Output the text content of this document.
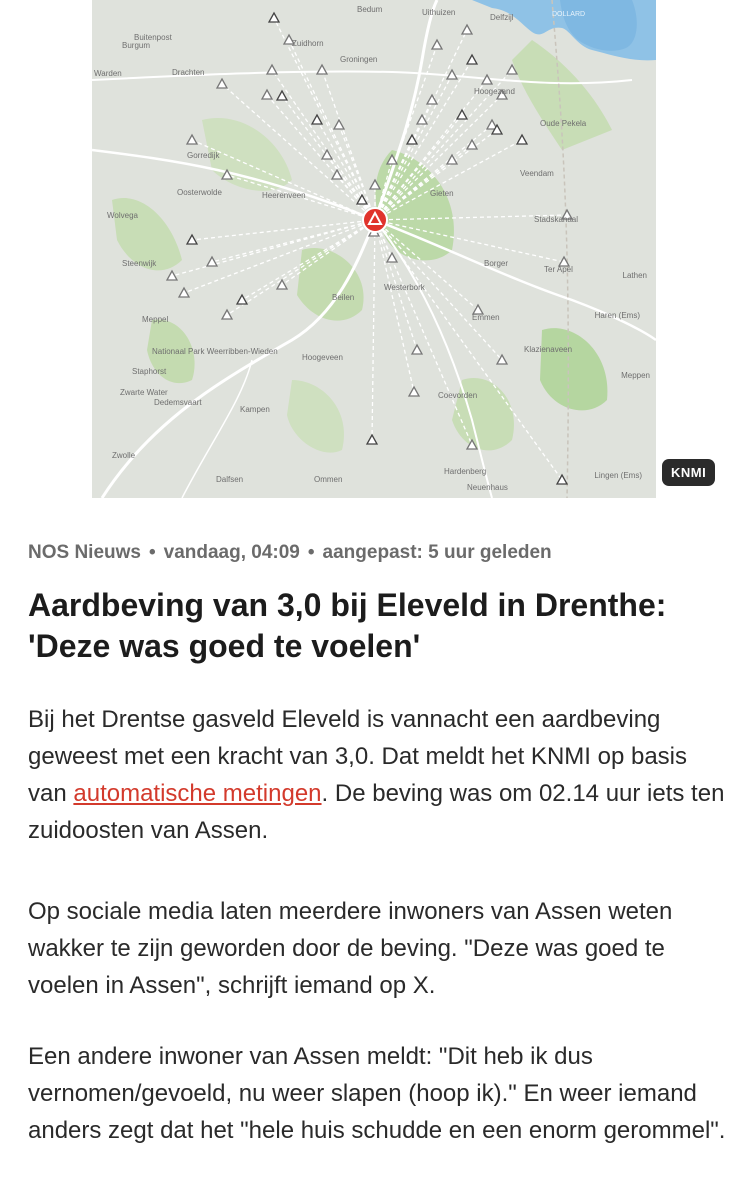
Bedum	Uithuizen
Delfzijl	DOLLARD
Buitenpost
Zuidhorn
Groningen
Burgum
Drachten
Gorredijk
Oosterwolde	Heerenveen
Wolvega
Steenwijk
Meppel
Staphorst
Dedemsvaart
Kampen
Zwolle
Dalfsen	Ommen
Hardenberg
Coevorden
Hoogeveen
Beilen
Westerbork
Borger
Gieten
Emmen
Klazienaveen
Ter Apel
Stadskanaal
Oude Pekela
Hoogezand
Veendam
Neuenhaus
Lingen (Ems)
Meppen
Lathen
Haren (Ems)
Warden
Nationaal Park Weerribben-Wieden
Zwarte Water
KNMI
NOS Nieuws • vandaag, 04:09 • aangepast: 5 uur geleden
Aardbeving van 3,0 bij Eleveld in Drenthe:
'Deze was goed te voelen'

Bij het Drentse gasveld Eleveld is vannacht een aardbeving geweest met een kracht van 3,0. Dat meldt het KNMI op basis van automatische metingen. De beving was om 02.14 uur iets ten zuidoosten van Assen.

Op sociale media laten meerdere inwoners van Assen weten wakker te zijn geworden door de beving. "Deze was goed te voelen in Assen", schrijft iemand op X.

Een andere inwoner van Assen meldt: "Dit heb ik dus vernomen/gevoeld, nu weer slapen (hoop ik)." En weer iemand anders zegt dat het "hele huis schudde en een enorm gerommel".
